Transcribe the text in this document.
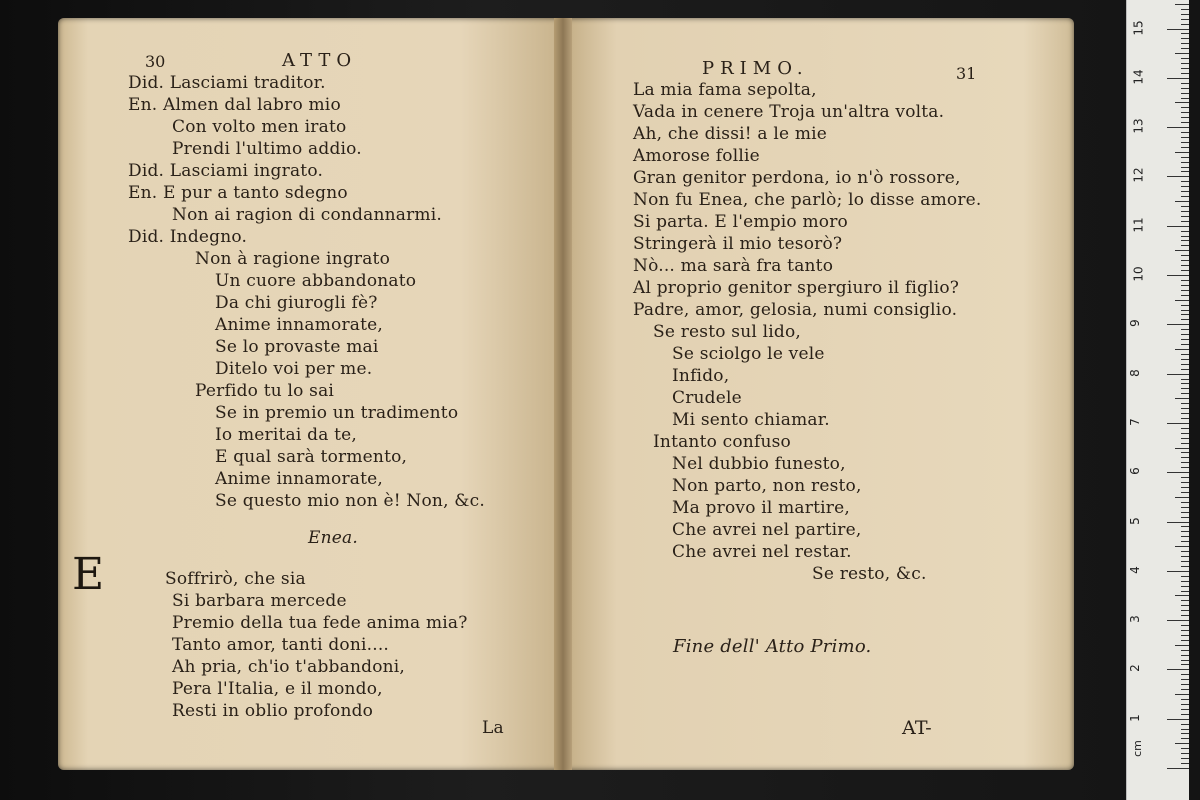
30	ATTO
Did. Lasciami traditor.
En. Almen dal labro mio
Con volto men irato
Prendi l'ultimo addio.
Did. Lasciami ingrato.
En. E pur a tanto sdegno
Non ai ragion di condannarmi.
Did. Indegno.
Non à ragione ingrato
Un cuore abbandonato
Da chi giurogli fè?
Anime innamorate,
Se lo provaste mai
Ditelo voi per me.
Perfido tu lo sai
Se in premio un tradimento
Io meritai da te,
E qual sarà tormento,
Anime innamorate,
Se questo mio non è! Non, &c.
Enea.
E	Soffrirò, che sia
Si barbara mercede
Premio della tua fede anima mia?
Tanto amor, tanti doni....
Ah pria, ch'io t'abbandoni,
Pera l'Italia, e il mondo,
Resti in oblio profondo
La
PRIMO.	31
La mia fama sepolta,
Vada in cenere Troja un'altra volta.
Ah, che dissi! a le mie
Amorose follie
Gran genitor perdona, io n'ò rossore,
Non fu Enea, che parlò; lo disse amore.
Si parta. E l'empio moro
Stringerà il mio tesorò?
Nò... ma sarà fra tanto
Al proprio genitor spergiuro il figlio?
Padre, amor, gelosia, numi consiglio.
Se resto sul lido,
Se sciolgo le vele
Infido,
Crudele
Mi sento chiamar.
Intanto confuso
Nel dubbio funesto,
Non parto, non resto,
Ma provo il martire,
Che avrei nel partire,
Che avrei nel restar.
Se resto, &c.
Fine dell' Atto Primo.
AT-	1
2
3
4
5
6
7
8
9
10
11
12
13
14
15
cm
